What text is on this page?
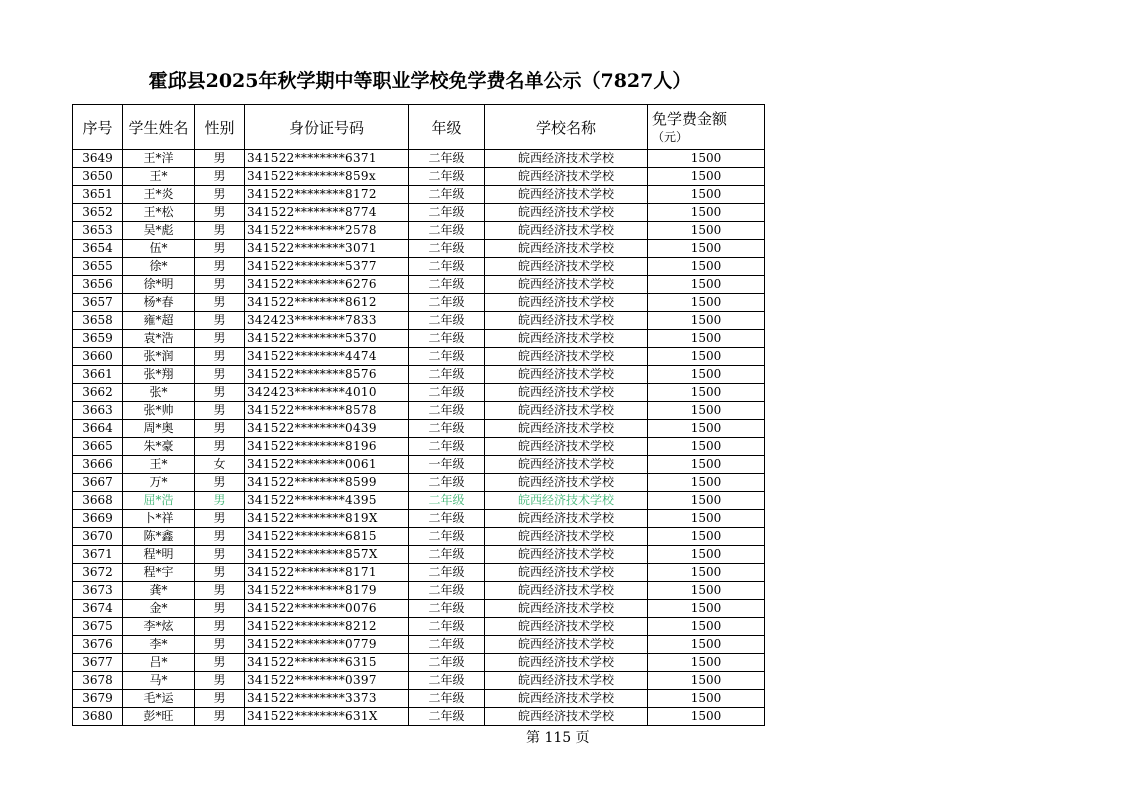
霍邱县2025年秋学期中等职业学校免学费名单公示（7827人）
序号	学生姓名	性别	身份证号码	年级	学校名称	免学费金额
（元）

3649	王*洋	男	341522********6371	二年级	皖西经济技术学校	1500
3650	王*	男	341522********859x	二年级	皖西经济技术学校	1500
3651	王*炎	男	341522********8172	二年级	皖西经济技术学校	1500
3652	王*松	男	341522********8774	二年级	皖西经济技术学校	1500
3653	吴*彪	男	341522********2578	二年级	皖西经济技术学校	1500
3654	伍*	男	341522********3071	二年级	皖西经济技术学校	1500
3655	徐*	男	341522********5377	二年级	皖西经济技术学校	1500
3656	徐*明	男	341522********6276	二年级	皖西经济技术学校	1500
3657	杨*春	男	341522********8612	二年级	皖西经济技术学校	1500
3658	雍*超	男	342423********7833	二年级	皖西经济技术学校	1500
3659	袁*浩	男	341522********5370	二年级	皖西经济技术学校	1500
3660	张*润	男	341522********4474	二年级	皖西经济技术学校	1500
3661	张*翔	男	341522********8576	二年级	皖西经济技术学校	1500
3662	张*	男	342423********4010	二年级	皖西经济技术学校	1500
3663	张*帅	男	341522********8578	二年级	皖西经济技术学校	1500
3664	周*奥	男	341522********0439	二年级	皖西经济技术学校	1500
3665	朱*豪	男	341522********8196	二年级	皖西经济技术学校	1500
3666	王*	女	341522********0061	一年级	皖西经济技术学校	1500
3667	万*	男	341522********8599	二年级	皖西经济技术学校	1500
3668	屈*浩	男	341522********4395	二年级	皖西经济技术学校	1500
3669	卜*祥	男	341522********819X	二年级	皖西经济技术学校	1500
3670	陈*鑫	男	341522********6815	二年级	皖西经济技术学校	1500
3671	程*明	男	341522********857X	二年级	皖西经济技术学校	1500
3672	程*宇	男	341522********8171	二年级	皖西经济技术学校	1500
3673	龚*	男	341522********8179	二年级	皖西经济技术学校	1500
3674	金*	男	341522********0076	二年级	皖西经济技术学校	1500
3675	李*炫	男	341522********8212	二年级	皖西经济技术学校	1500
3676	李*	男	341522********0779	二年级	皖西经济技术学校	1500
3677	吕*	男	341522********6315	二年级	皖西经济技术学校	1500
3678	马*	男	341522********0397	二年级	皖西经济技术学校	1500
3679	毛*运	男	341522********3373	二年级	皖西经济技术学校	1500
3680	彭*旺	男	341522********631X	二年级	皖西经济技术学校	1500
第 115 页
